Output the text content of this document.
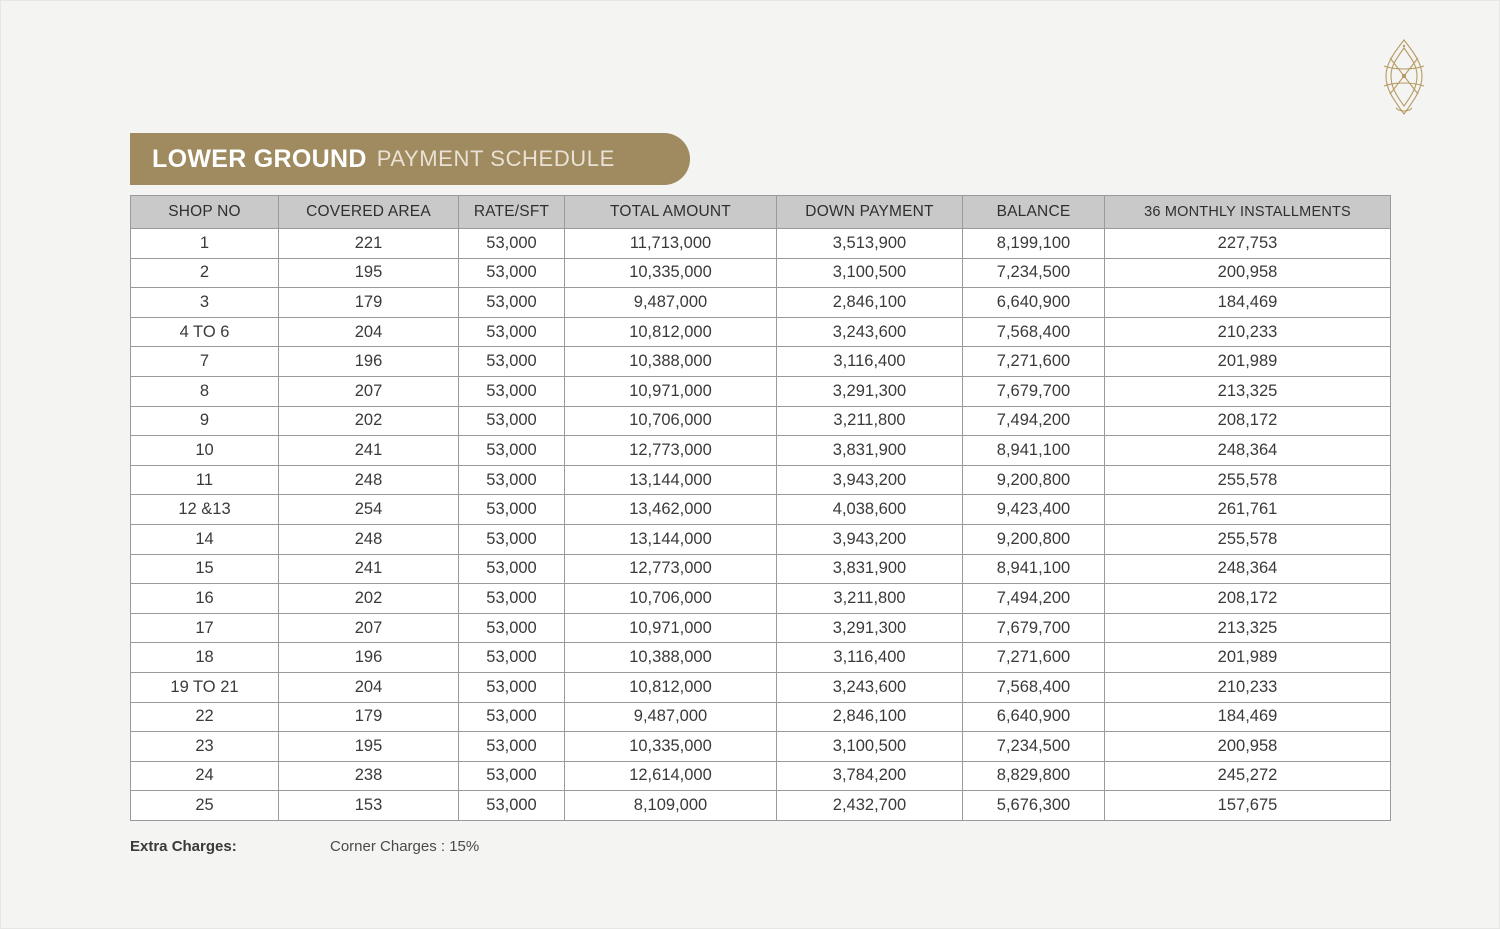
LOWER GROUND PAYMENT SCHEDULE
SHOP NO	COVERED AREA	RATE/SFT	TOTAL AMOUNT	DOWN PAYMENT	BALANCE	36 MONTHLY INSTALLMENTS
1	221	53,000	11,713,000	3,513,900	8,199,100	227,753
2	195	53,000	10,335,000	3,100,500	7,234,500	200,958
3	179	53,000	9,487,000	2,846,100	6,640,900	184,469
4 TO 6	204	53,000	10,812,000	3,243,600	7,568,400	210,233
7	196	53,000	10,388,000	3,116,400	7,271,600	201,989
8	207	53,000	10,971,000	3,291,300	7,679,700	213,325
9	202	53,000	10,706,000	3,211,800	7,494,200	208,172
10	241	53,000	12,773,000	3,831,900	8,941,100	248,364
11	248	53,000	13,144,000	3,943,200	9,200,800	255,578
12 &13	254	53,000	13,462,000	4,038,600	9,423,400	261,761
14	248	53,000	13,144,000	3,943,200	9,200,800	255,578
15	241	53,000	12,773,000	3,831,900	8,941,100	248,364
16	202	53,000	10,706,000	3,211,800	7,494,200	208,172
17	207	53,000	10,971,000	3,291,300	7,679,700	213,325
18	196	53,000	10,388,000	3,116,400	7,271,600	201,989
19 TO 21	204	53,000	10,812,000	3,243,600	7,568,400	210,233
22	179	53,000	9,487,000	2,846,100	6,640,900	184,469
23	195	53,000	10,335,000	3,100,500	7,234,500	200,958
24	238	53,000	12,614,000	3,784,200	8,829,800	245,272
25	153	53,000	8,109,000	2,432,700	5,676,300	157,675
Extra Charges:	Corner Charges : 15%
